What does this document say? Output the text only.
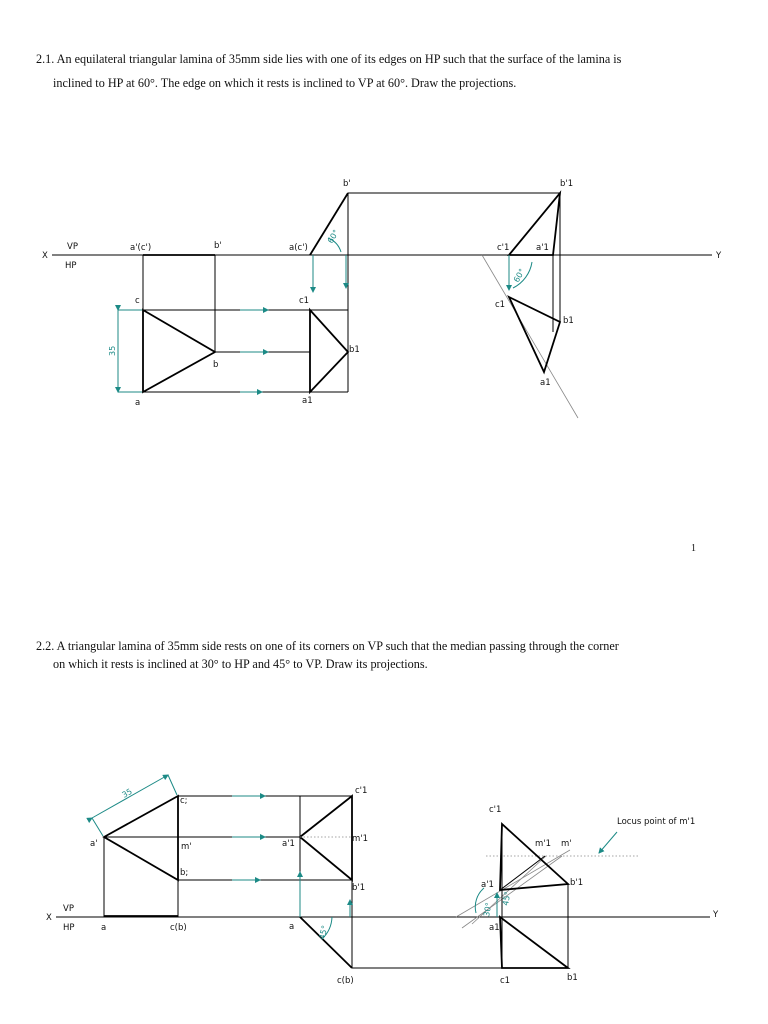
2.1. An equilateral triangular lamina of 35mm side lies with one of its edges on HP such that the surface of the lamina is
inclined to HP at 60°. The edge on which it rests is inclined to VP at 60°. Draw the projections.
1
2.2. A triangular lamina of 35mm side rests on one of its corners on VP such that the median passing through the corner
on which it rests is inclined at 30° to HP and 45° to VP. Draw its projections.
X	Y
VP
HP
35
a'(c')	b'
c
b
a
60°
a(c')
b'
c1
b1
a1
60°
b'1
c'1	a'1
c1
b1
a1
X	Y
VP
HP
35
a'
c;
m'
b;
a	c(b)	45°
c'1
m'1
a'1
b'1
a
c(b)
30°
45°
Locus point of m'1
c'1
m'1 m'
a'1	b'1
a1
c1	b1
